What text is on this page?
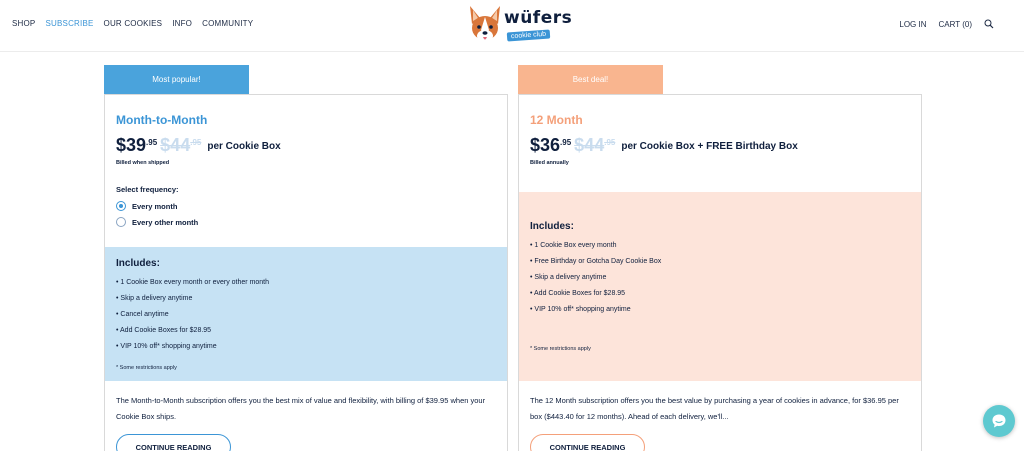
SHOP SUBSCRIBE OUR COOKIES INFO COMMUNITY	wüfers
cookie club
LOG IN CART (0)
Most popular!
Month-to-Month
$39 .95 $44 .95 per Cookie Box
Billed when shipped
Select frequency:
Every month
Every other month
Includes:
• 1 Cookie Box every month or every other month
• Skip a delivery anytime
• Cancel anytime
• Add Cookie Boxes for $28.95
• VIP 10% off* shopping anytime
* Some restrictions apply
The Month-to-Month subscription offers you the best mix of value and flexibility, with billing of $39.95 when your Cookie Box ships.
CONTINUE READING
Best deal!
12 Month
$36 .95 $44 .95 per Cookie Box + FREE Birthday Box
Billed annually
Includes:
• 1 Cookie Box every month
• Free Birthday or Gotcha Day Cookie Box
• Skip a delivery anytime
• Add Cookie Boxes for $28.95
• VIP 10% off* shopping anytime
* Some restrictions apply
The 12 Month subscription offers you the best value by purchasing a year of cookies in advance, for $36.95 per box ($443.40 for 12 months). Ahead of each delivery, we'll...
CONTINUE READING
